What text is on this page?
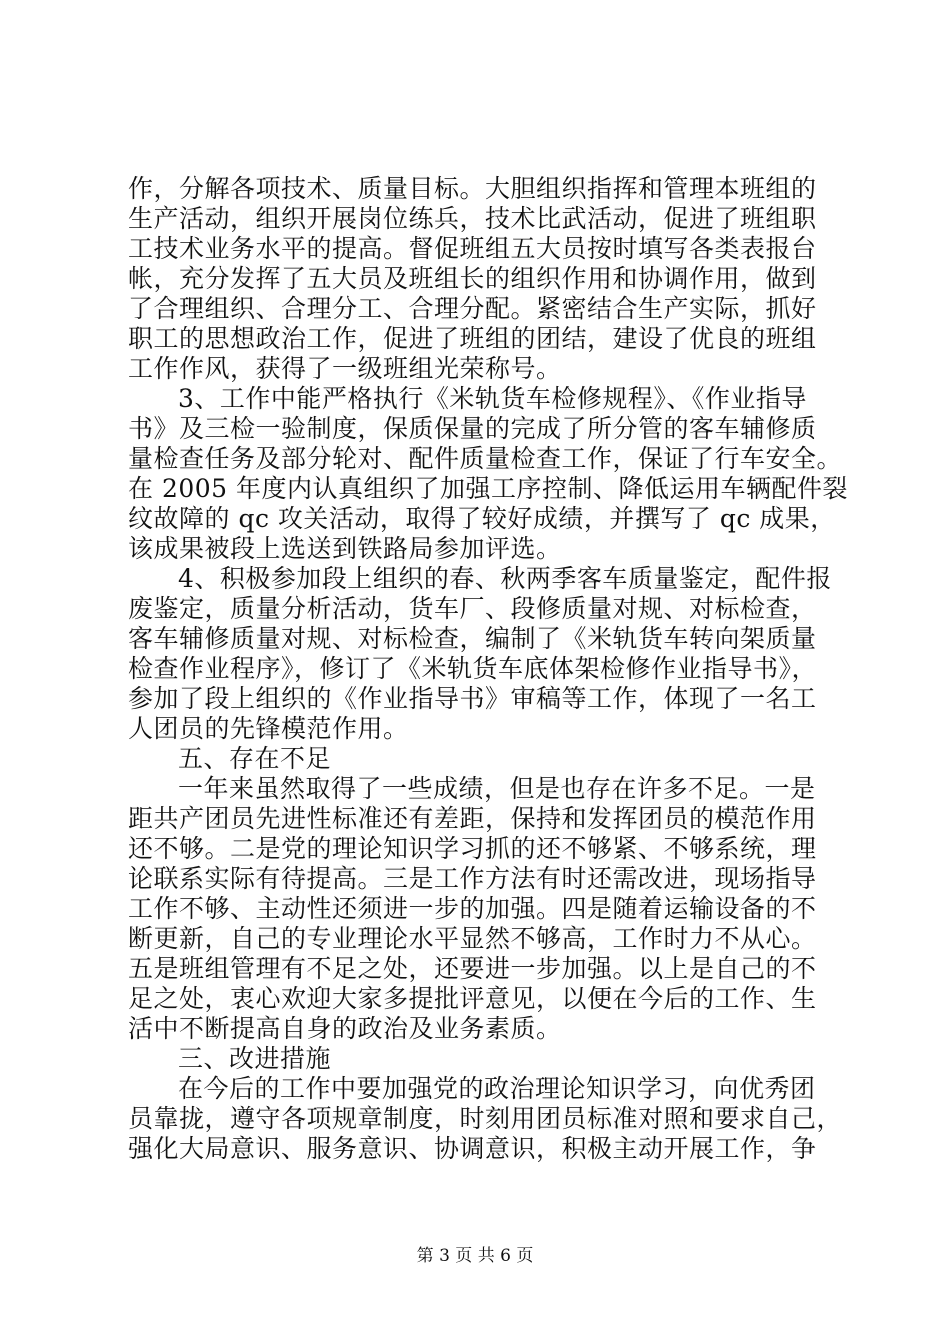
作，分解各项技术、质量目标。大胆组织指挥和管理本班组的
生产活动，组织开展岗位练兵，技术比武活动，促进了班组职
工技术业务水平的提高。督促班组五大员按时填写各类表报台
帐，充分发挥了五大员及班组长的组织作用和协调作用，做到
了合理组织、合理分工、合理分配。紧密结合生产实际，抓好
职工的思想政治工作，促进了班组的团结，建设了优良的班组
工作作风，获得了一级班组光荣称号。
3、工作中能严格执行《米轨货车检修规程》、《作业指导
书》及三检一验制度，保质保量的完成了所分管的客车辅修质
量检查任务及部分轮对、配件质量检查工作，保证了行车安全。
在 2005 年度内认真组织了加强工序控制、降低运用车辆配件裂
纹故障的 qc 攻关活动，取得了较好成绩，并撰写了 qc 成果，
该成果被段上选送到铁路局参加评选。
4、积极参加段上组织的春、秋两季客车质量鉴定，配件报
废鉴定，质量分析活动，货车厂、段修质量对规、对标检查，
客车辅修质量对规、对标检查，编制了《米轨货车转向架质量
检查作业程序》，修订了《米轨货车底体架检修作业指导书》，
参加了段上组织的《作业指导书》审稿等工作，体现了一名工
人团员的先锋模范作用。
五、存在不足
一年来虽然取得了一些成绩，但是也存在许多不足。一是
距共产团员先进性标准还有差距，保持和发挥团员的模范作用
还不够。二是党的理论知识学习抓的还不够紧、不够系统，理
论联系实际有待提高。三是工作方法有时还需改进，现场指导
工作不够、主动性还须进一步的加强。四是随着运输设备的不
断更新，自己的专业理论水平显然不够高，工作时力不从心。
五是班组管理有不足之处，还要进一步加强。以上是自己的不
足之处，衷心欢迎大家多提批评意见，以便在今后的工作、生
活中不断提高自身的政治及业务素质。
三、改进措施
在今后的工作中要加强党的政治理论知识学习，向优秀团
员靠拢，遵守各项规章制度，时刻用团员标准对照和要求自己，
强化大局意识、服务意识、协调意识，积极主动开展工作，争
第 3 页 共 6 页
